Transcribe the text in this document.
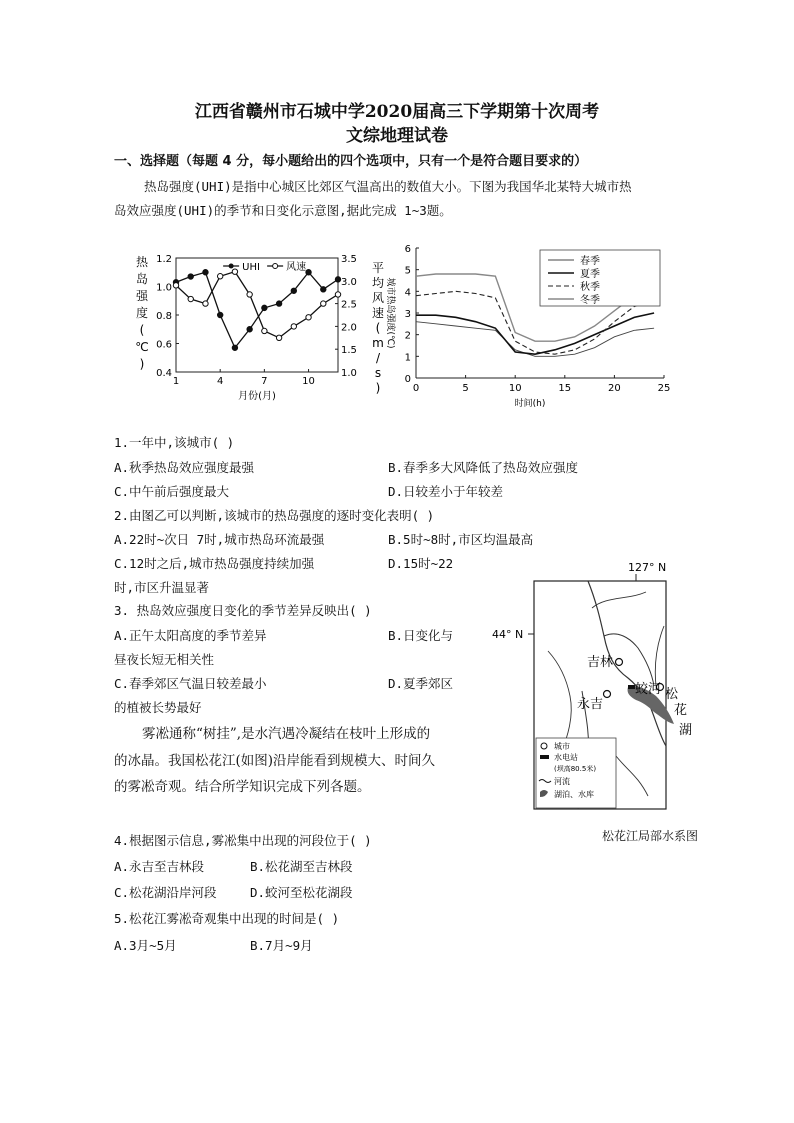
江西省赣州市石城中学2020届高三下学期第十次周考
文综地理试卷
一、选择题（每题 4 分，每小题给出的四个选项中，只有一个是符合题目要求的）
热岛强度(UHI)是指中心城区比郊区气温高出的数值大小。下图为我国华北某特大城市热
岛效应强度(UHI)的季节和日变化示意图,据此完成 1~3题。
0.4
0.6
0.8
1.0
1.2
1.0
1.5
2.0
2.5
3.0
3.5
1	4	7	10
热
岛
强
度
(
℃
)
平
均
风
速
(
m
/
s
)
月份(月)
UHI	风速
0
1
2
3
4
5
6
0	5	10	15	20	25
时间(h)
城市热岛强度(℃)
春季
夏季
秋季
冬季
1.一年中,该城市( )
A.秋季热岛效应强度最强	B.春季多大风降低了热岛效应强度
C.中午前后强度最大	D.日较差小于年较差
2.由图乙可以判断,该城市的热岛强度的逐时变化表明( )
A.22时~次日 7时,城市热岛环流最强	B.5时~8时,市区均温最高
C.12时之后,城市热岛强度持续加强	D.15时~22
时,市区升温显著
3. 热岛效应强度日变化的季节差异反映出( )
A.正午太阳高度的季节差异	B.日变化与
昼夜长短无相关性
C.春季郊区气温日较差最小	D.夏季郊区
的植被长势最好
雾凇通称“树挂”,是水汽遇冷凝结在枝叶上形成的
的冰晶。我国松花江(如图)沿岸能看到规模大、时间久
的雾凇奇观。结合所学知识完成下列各题。
4.根据图示信息,雾凇集中出现的河段位于( )
A.永吉至吉林段	B.松花湖至吉林段
C.松花湖沿岸河段	D.蛟河至松花湖段
5.松花江雾凇奇观集中出现的时间是( )
A.3月~5月	B.7月~9月
127° N
44° N
吉林
永吉
蛟河 松
花
湖
城市
水电站
(坝高80.5米)
河流
湖泊、水库
松花江局部水系图
